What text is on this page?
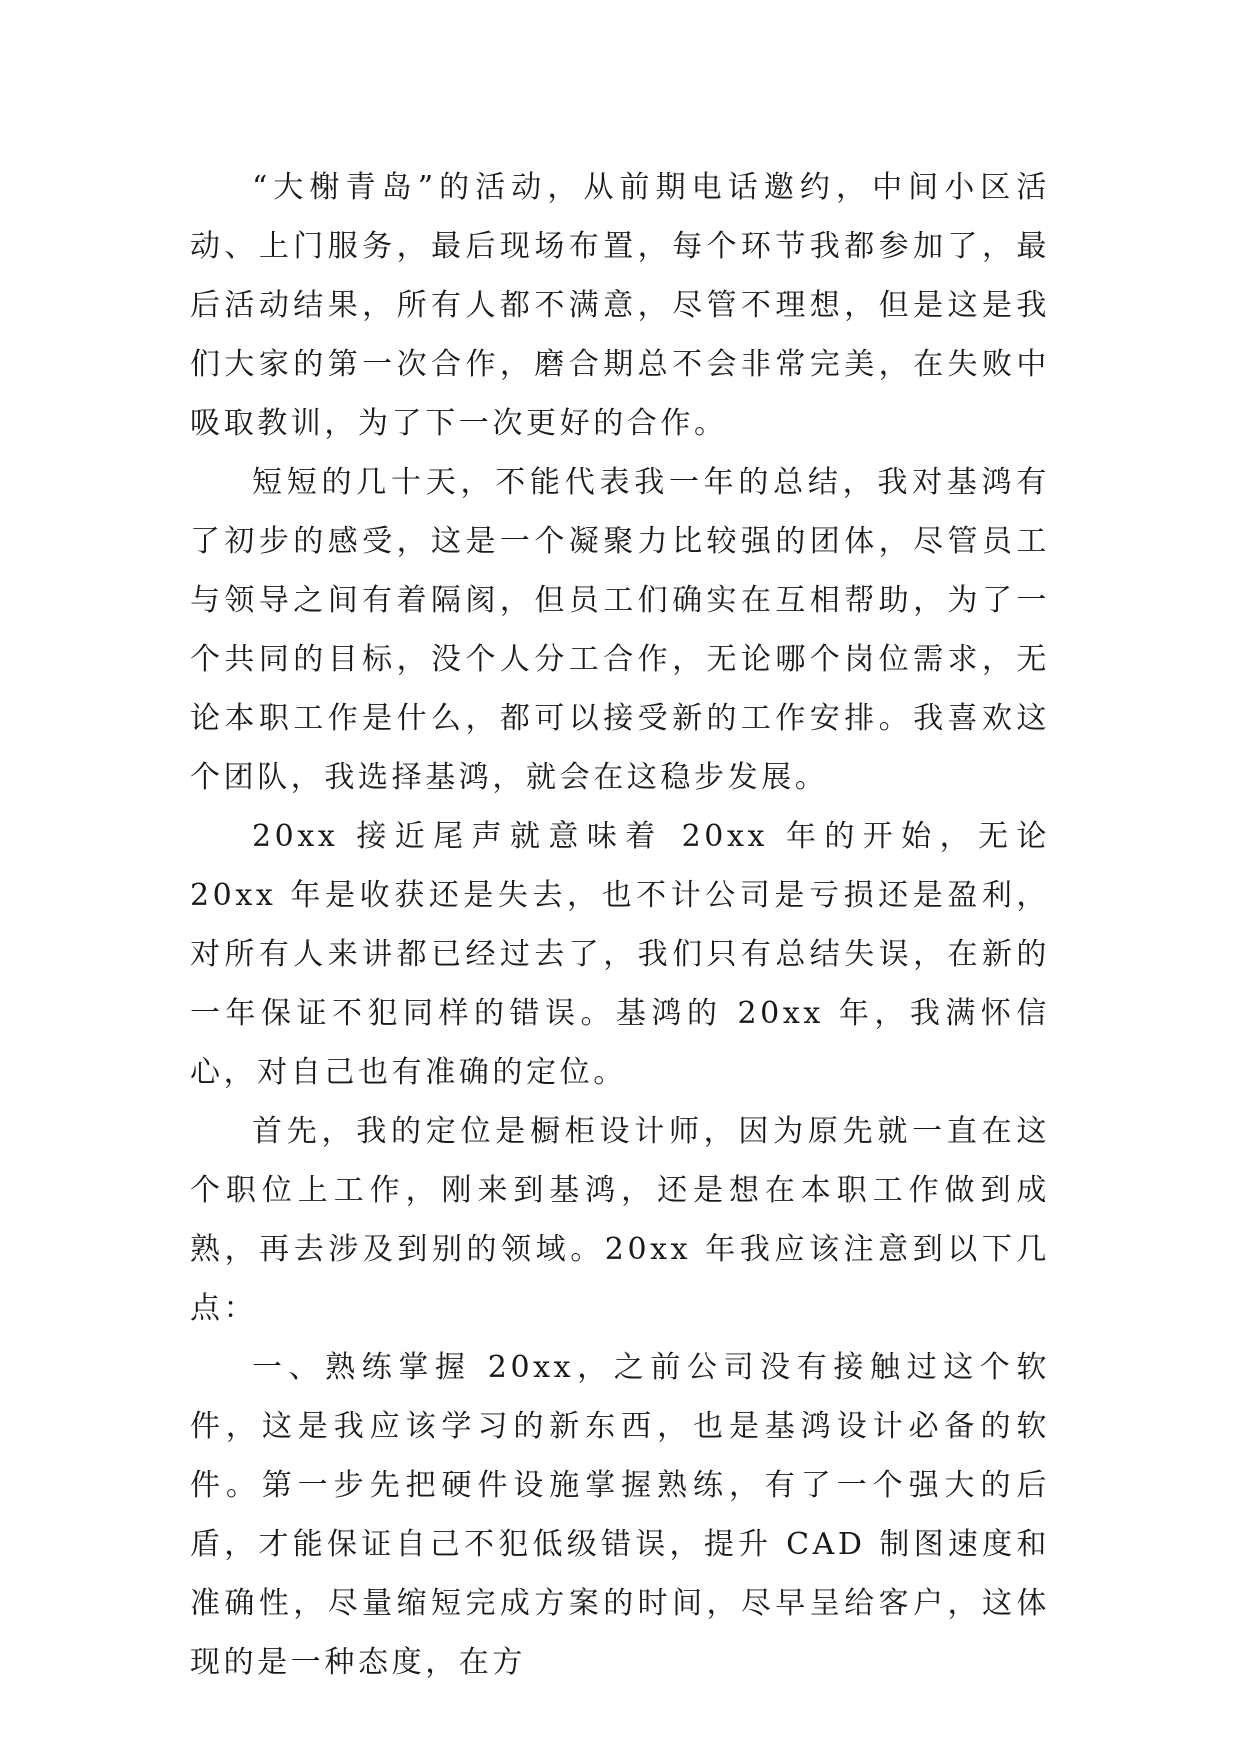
“大榭青岛”的活动，从前期电话邀约，中间小区活动、上门服务，最后现场布置，每个环节我都参加了，最后活动结果，所有人都不满意，尽管不理想，但是这是我们大家的第一次合作，磨合期总不会非常完美，在失败中吸取教训，为了下一次更好的合作。

短短的几十天，不能代表我一年的总结，我对基鸿有了初步的感受，这是一个凝聚力比较强的团体，尽管员工与领导之间有着隔阂，但员工们确实在互相帮助，为了一个共同的目标，没个人分工合作，无论哪个岗位需求，无论本职工作是什么，都可以接受新的工作安排。我喜欢这个团队，我选择基鸿，就会在这稳步发展。

20xx 接近尾声就意味着 20xx 年的开始，无论 20xx 年是收获还是失去，也不计公司是亏损还是盈利，对所有人来讲都已经过去了，我们只有总结失误，在新的一年保证不犯同样的错误。基鸿的 20xx 年，我满怀信心，对自己也有准确的定位。

首先，我的定位是橱柜设计师，因为原先就一直在这个职位上工作，刚来到基鸿，还是想在本职工作做到成熟，再去涉及到别的领域。20xx 年我应该注意到以下几点：

一、熟练掌握 20xx，之前公司没有接触过这个软件，这是我应该学习的新东西，也是基鸿设计必备的软件。第一步先把硬件设施掌握熟练，有了一个强大的后盾，才能保证自己不犯低级错误，提升 CAD 制图速度和准确性，尽量缩短完成方案的时间，尽早呈给客户，这体现的是一种态度，在方
